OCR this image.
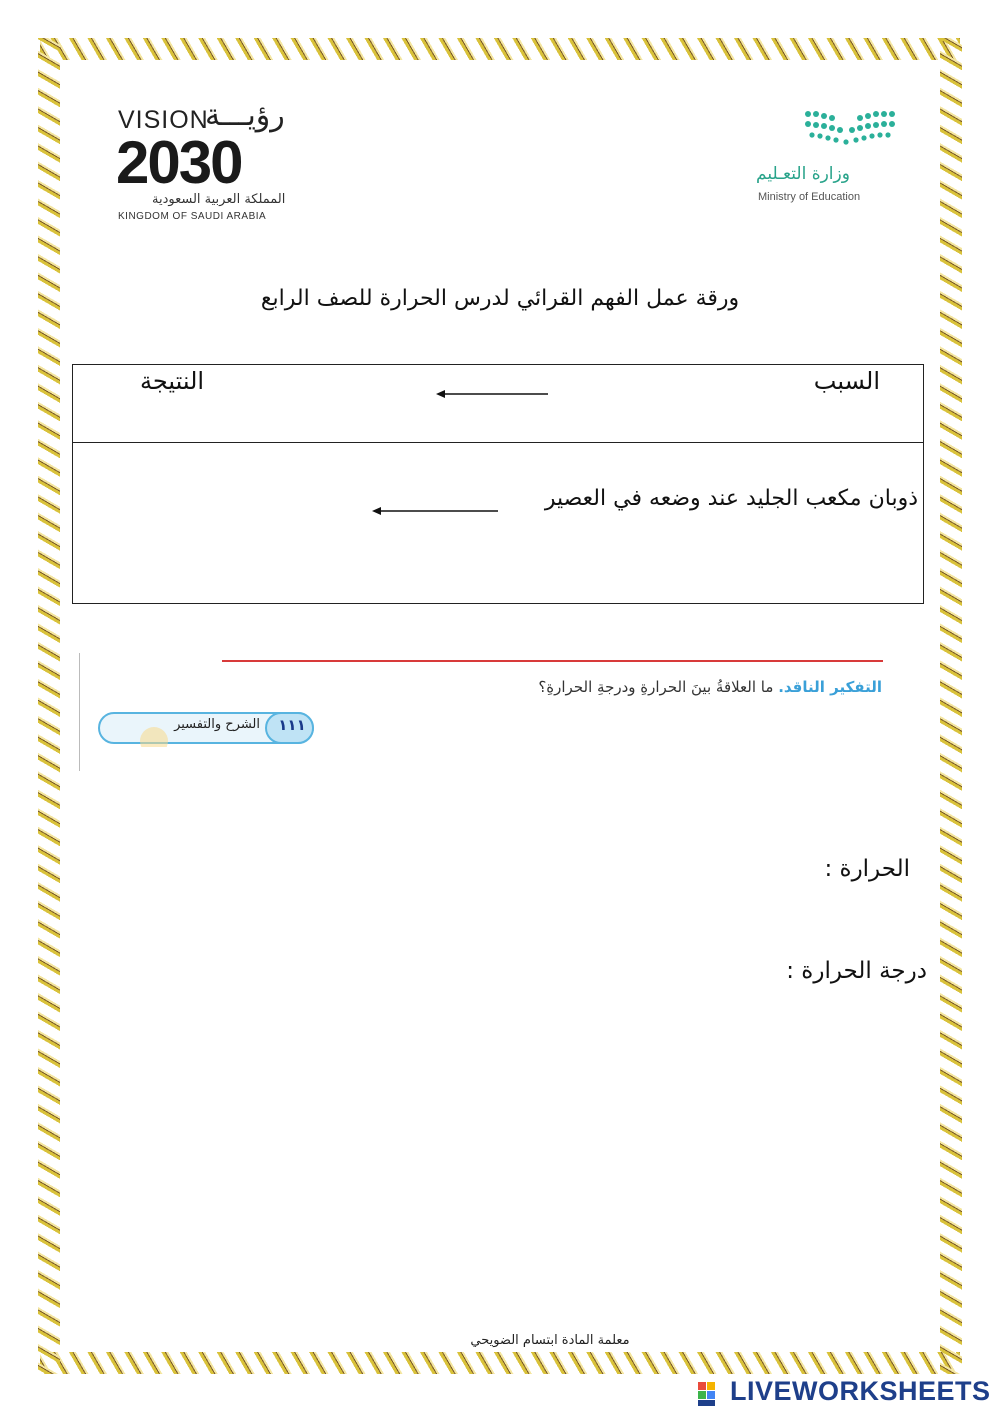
VISION
رؤيـــة
2030
المملكة العربية السعودية
KINGDOM OF SAUDI ARABIA
وزارة التعـليم
Ministry of Education
ورقة عمل الفهم القرائي لدرس الحرارة للصف الرابع
السبب
النتيجة
ذوبان مكعب الجليد عند وضعه في العصير
التفكير الناقد. ما العلاقةُ بينَ الحرارةِ ودرجةِ الحرارةِ؟
الشرح والتفسير	١١١
الحرارة :
درجة الحرارة :
معلمة المادة ابتسام الضويحي
LIVEWORKSHEETS
